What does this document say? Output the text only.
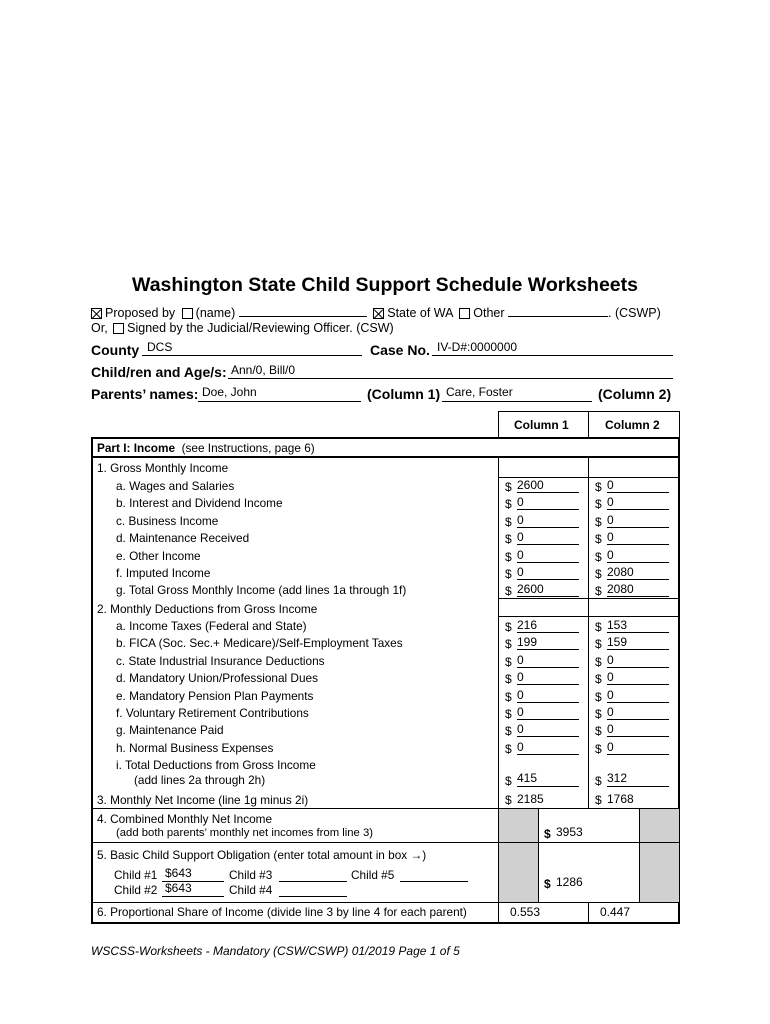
Washington State Child Support Schedule Worksheets
Proposed by (name)	State of WA Other	. (CSWP)
Or, Signed by the Judicial/Reviewing Officer. (CSW)
County DCS	Case No. IV-D#:0000000
Child/ren and Age/s: Ann/0, Bill/0
Parents’ names: Doe, John	(Column 1) Care, Foster	(Column 2)
Column 1	Column 2
Part I: Income (see Instructions, page 6)
1. Gross Monthly Income
a. Wages and Salaries	$ 2600	$ 0
b. Interest and Dividend Income	$ 0	$ 0
c. Business Income	$ 0	$ 0
d. Maintenance Received	$ 0	$ 0
e. Other Income	$ 0	$ 0
f. Imputed Income	$ 0	$ 2080
g. Total Gross Monthly Income (add lines 1a through 1f)	$ 2600	$ 2080
2. Monthly Deductions from Gross Income
a. Income Taxes (Federal and State)	$ 216	$ 153
b. FICA (Soc. Sec.+ Medicare)/Self-Employment Taxes	$ 199	$ 159
c. State Industrial Insurance Deductions	$ 0	$ 0
d. Mandatory Union/Professional Dues	$ 0	$ 0
e. Mandatory Pension Plan Payments	$ 0	$ 0
f. Voluntary Retirement Contributions	$ 0	$ 0
g. Maintenance Paid	$ 0	$ 0
h. Normal Business Expenses	$ 0	$ 0
i. Total Deductions from Gross Income
(add lines 2a through 2h)	$ 415	$ 312
3. Monthly Net Income (line 1g minus 2i)	$ 2185	$ 1768
4. Combined Monthly Net Income
(add both parents’ monthly net incomes from line 3)	$ 3953
5. Basic Child Support Obligation (enter total amount in box →)
Child #1 $643
Child #2 $643
Child #3
Child #4
Child #5
$ 1286
6. Proportional Share of Income (divide line 3 by line 4 for each parent)	0.553	0.447
WSCSS-Worksheets - Mandatory (CSW/CSWP) 01/2019 Page 1 of 5
